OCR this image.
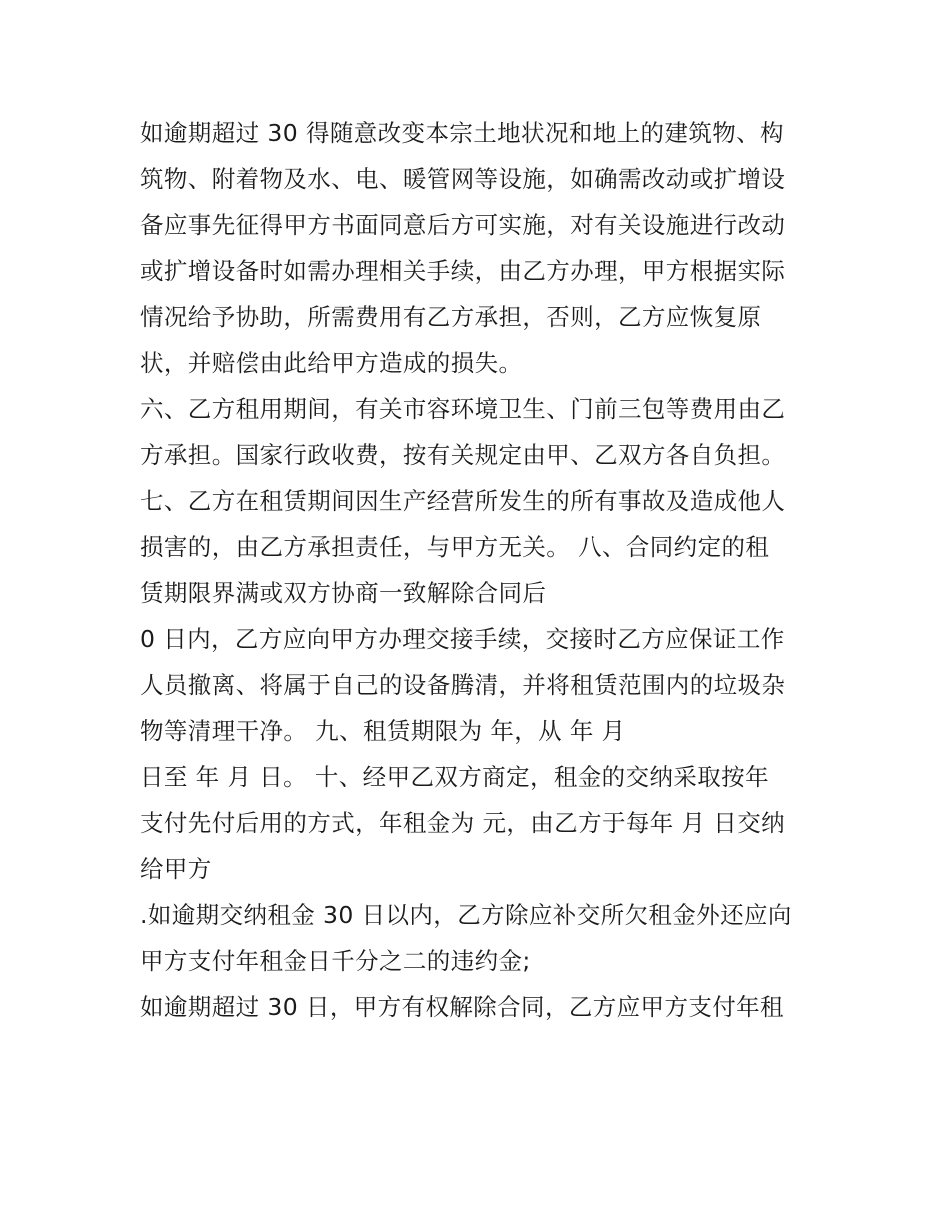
如逾期超过 30 得随意改变本宗土地状况和地上的建筑物、构
筑物、附着物及水、电、暖管网等设施，如确需改动或扩增设
备应事先征得甲方书面同意后方可实施，对有关设施进行改动
或扩增设备时如需办理相关手续，由乙方办理，甲方根据实际
情况给予协助，所需费用有乙方承担，否则，乙方应恢复原
状，并赔偿由此给甲方造成的损失。
六、乙方租用期间，有关市容环境卫生、门前三包等费用由乙
方承担。国家行政收费，按有关规定由甲、乙双方各自负担。
七、乙方在租赁期间因生产经营所发生的所有事故及造成他人
损害的，由乙方承担责任，与甲方无关。 八、合同约定的租
赁期限界满或双方协商一致解除合同后
0 日内，乙方应向甲方办理交接手续，交接时乙方应保证工作
人员撤离、将属于自己的设备腾清，并将租赁范围内的垃圾杂
物等清理干净。 九、租赁期限为 年，从 年 月
日至 年 月 日。 十、经甲乙双方商定，租金的交纳采取按年
支付先付后用的方式，年租金为 元，由乙方于每年 月 日交纳
给甲方
.如逾期交纳租金 30 日以内，乙方除应补交所欠租金外还应向
甲方支付年租金日千分之二的违约金;
如逾期超过 30 日，甲方有权解除合同，乙方应甲方支付年租
